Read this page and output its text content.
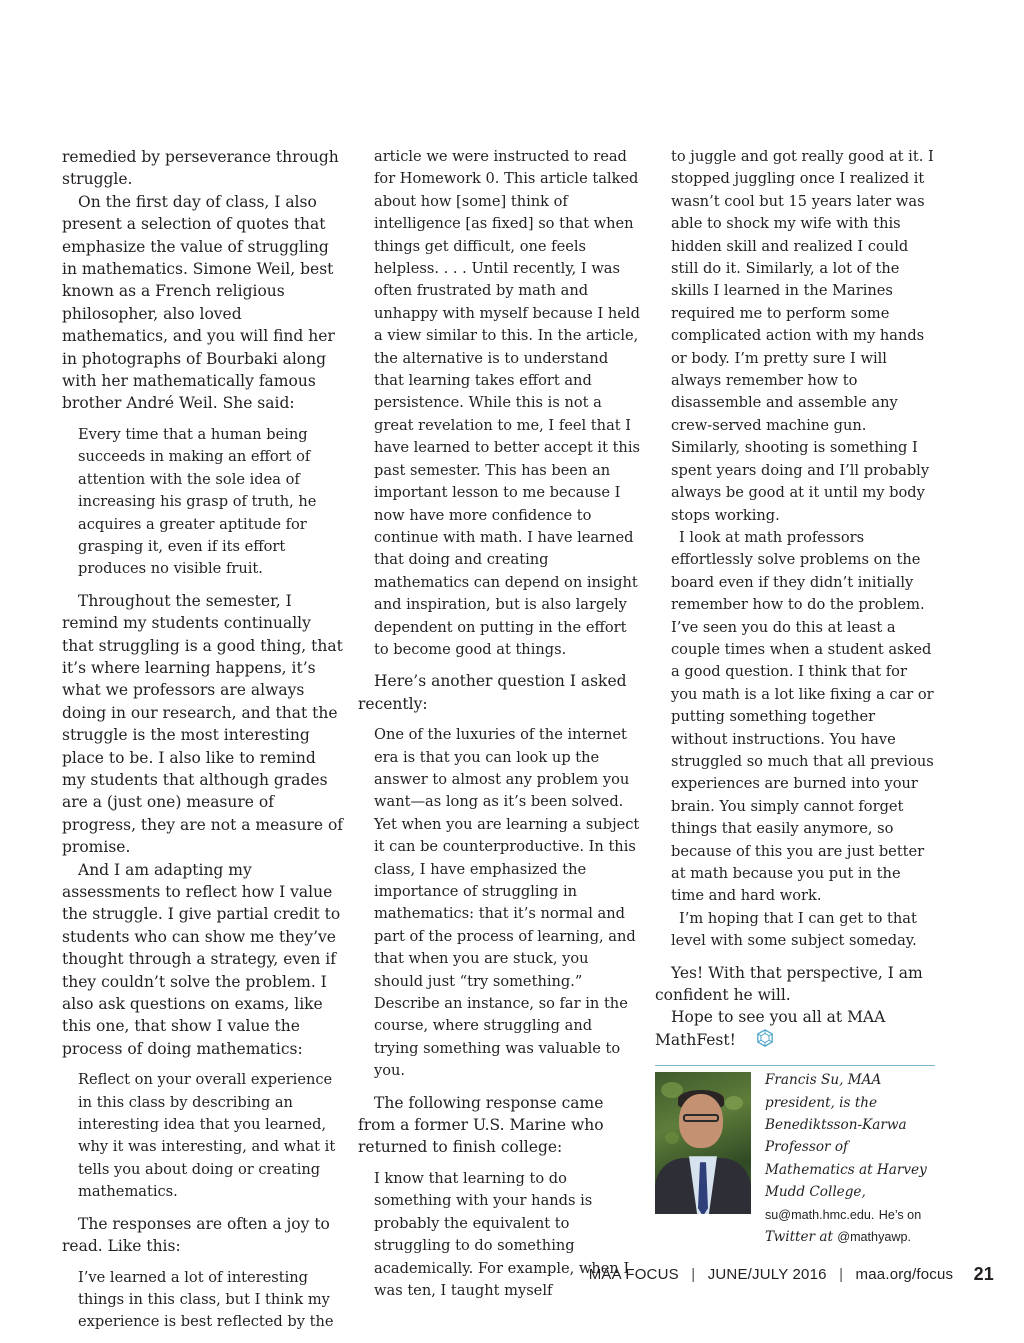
remedied by perseverance through struggle.

On the first day of class, I also present a selection of quotes that emphasize the value of struggling in mathematics. Simone Weil, best known as a French religious philosopher, also loved mathematics, and you will find her in photographs of Bourbaki along with her mathematically famous brother André Weil. She said:

Every time that a human being succeeds in making an effort of attention with the sole idea of increasing his grasp of truth, he acquires a greater aptitude for grasping it, even if its effort produces no visible fruit.

Throughout the semester, I remind my students continually that struggling is a good thing, that it’s where learning happens, it’s what we professors are always doing in our research, and that the struggle is the most interesting place to be. I also like to remind my students that although grades are a (just one) measure of progress, they are not a measure of promise.

And I am adapting my assessments to reflect how I value the struggle. I give partial credit to students who can show me they’ve thought through a strategy, even if they couldn’t solve the problem. I also ask questions on exams, like this one, that show I value the process of doing mathematics:

Reflect on your overall experience in this class by describing an interesting idea that you learned, why it was interesting, and what it tells you about doing or creating mathematics.

The responses are often a joy to read. Like this:

I’ve learned a lot of interesting things in this class, but I think my experience is best reflected by the

article we were instructed to read for Homework 0. This article talked about how [some] think of intelligence [as fixed] so that when things get difficult, one feels helpless. . . . Until recently, I was often frustrated by math and unhappy with myself because I held a view similar to this. In the article, the alternative is to understand that learning takes effort and persistence. While this is not a great revelation to me, I feel that I have learned to better accept it this past semester. This has been an important lesson to me because I now have more confidence to continue with math. I have learned that doing and creating mathematics can depend on insight and inspiration, but is also largely dependent on putting in the effort to become good at things.

Here’s another question I asked recently:

One of the luxuries of the internet era is that you can look up the answer to almost any problem you want—as long as it’s been solved. Yet when you are learning a subject it can be counterproductive. In this class, I have emphasized the importance of struggling in mathematics: that it’s normal and part of the process of learning, and that when you are stuck, you should just “try something.” Describe an instance, so far in the course, where struggling and trying something was valuable to you.

The following response came from a former U.S. Marine who returned to finish college:

I know that learning to do something with your hands is probably the equivalent to struggling to do something academically. For example, when I was ten, I taught myself

to juggle and got really good at it. I stopped juggling once I realized it wasn’t cool but 15 years later was able to shock my wife with this hidden skill and realized I could still do it. Similarly, a lot of the skills I learned in the Marines required me to perform some complicated action with my hands or body. I’m pretty sure I will always remember how to disassemble and assemble any crew-served machine gun. Similarly, shooting is something I spent years doing and I’ll probably always be good at it until my body stops working.

I look at math professors effortlessly solve problems on the board even if they didn’t initially remember how to do the problem. I’ve seen you do this at least a couple times when a student asked a good question. I think that for you math is a lot like fixing a car or putting something together without instructions. You have struggled so much that all previous experiences are burned into your brain. You simply cannot forget things that easily anymore, so because of this you are just better at math because you put in the time and hard work.

I’m hoping that I can get to that level with some subject someday.

Yes! With that perspective, I am confident he will.

Hope to see you all at MAA MathFest!

Francis Su, MAA president, is the Benediktsson-Karwa Professor of Mathematics at Harvey Mudd College, su@math.hmc.edu. He’s on Twitter at @mathyawp.
MAA FOCUS | JUNE/JULY 2016 | maa.org/focus 21
